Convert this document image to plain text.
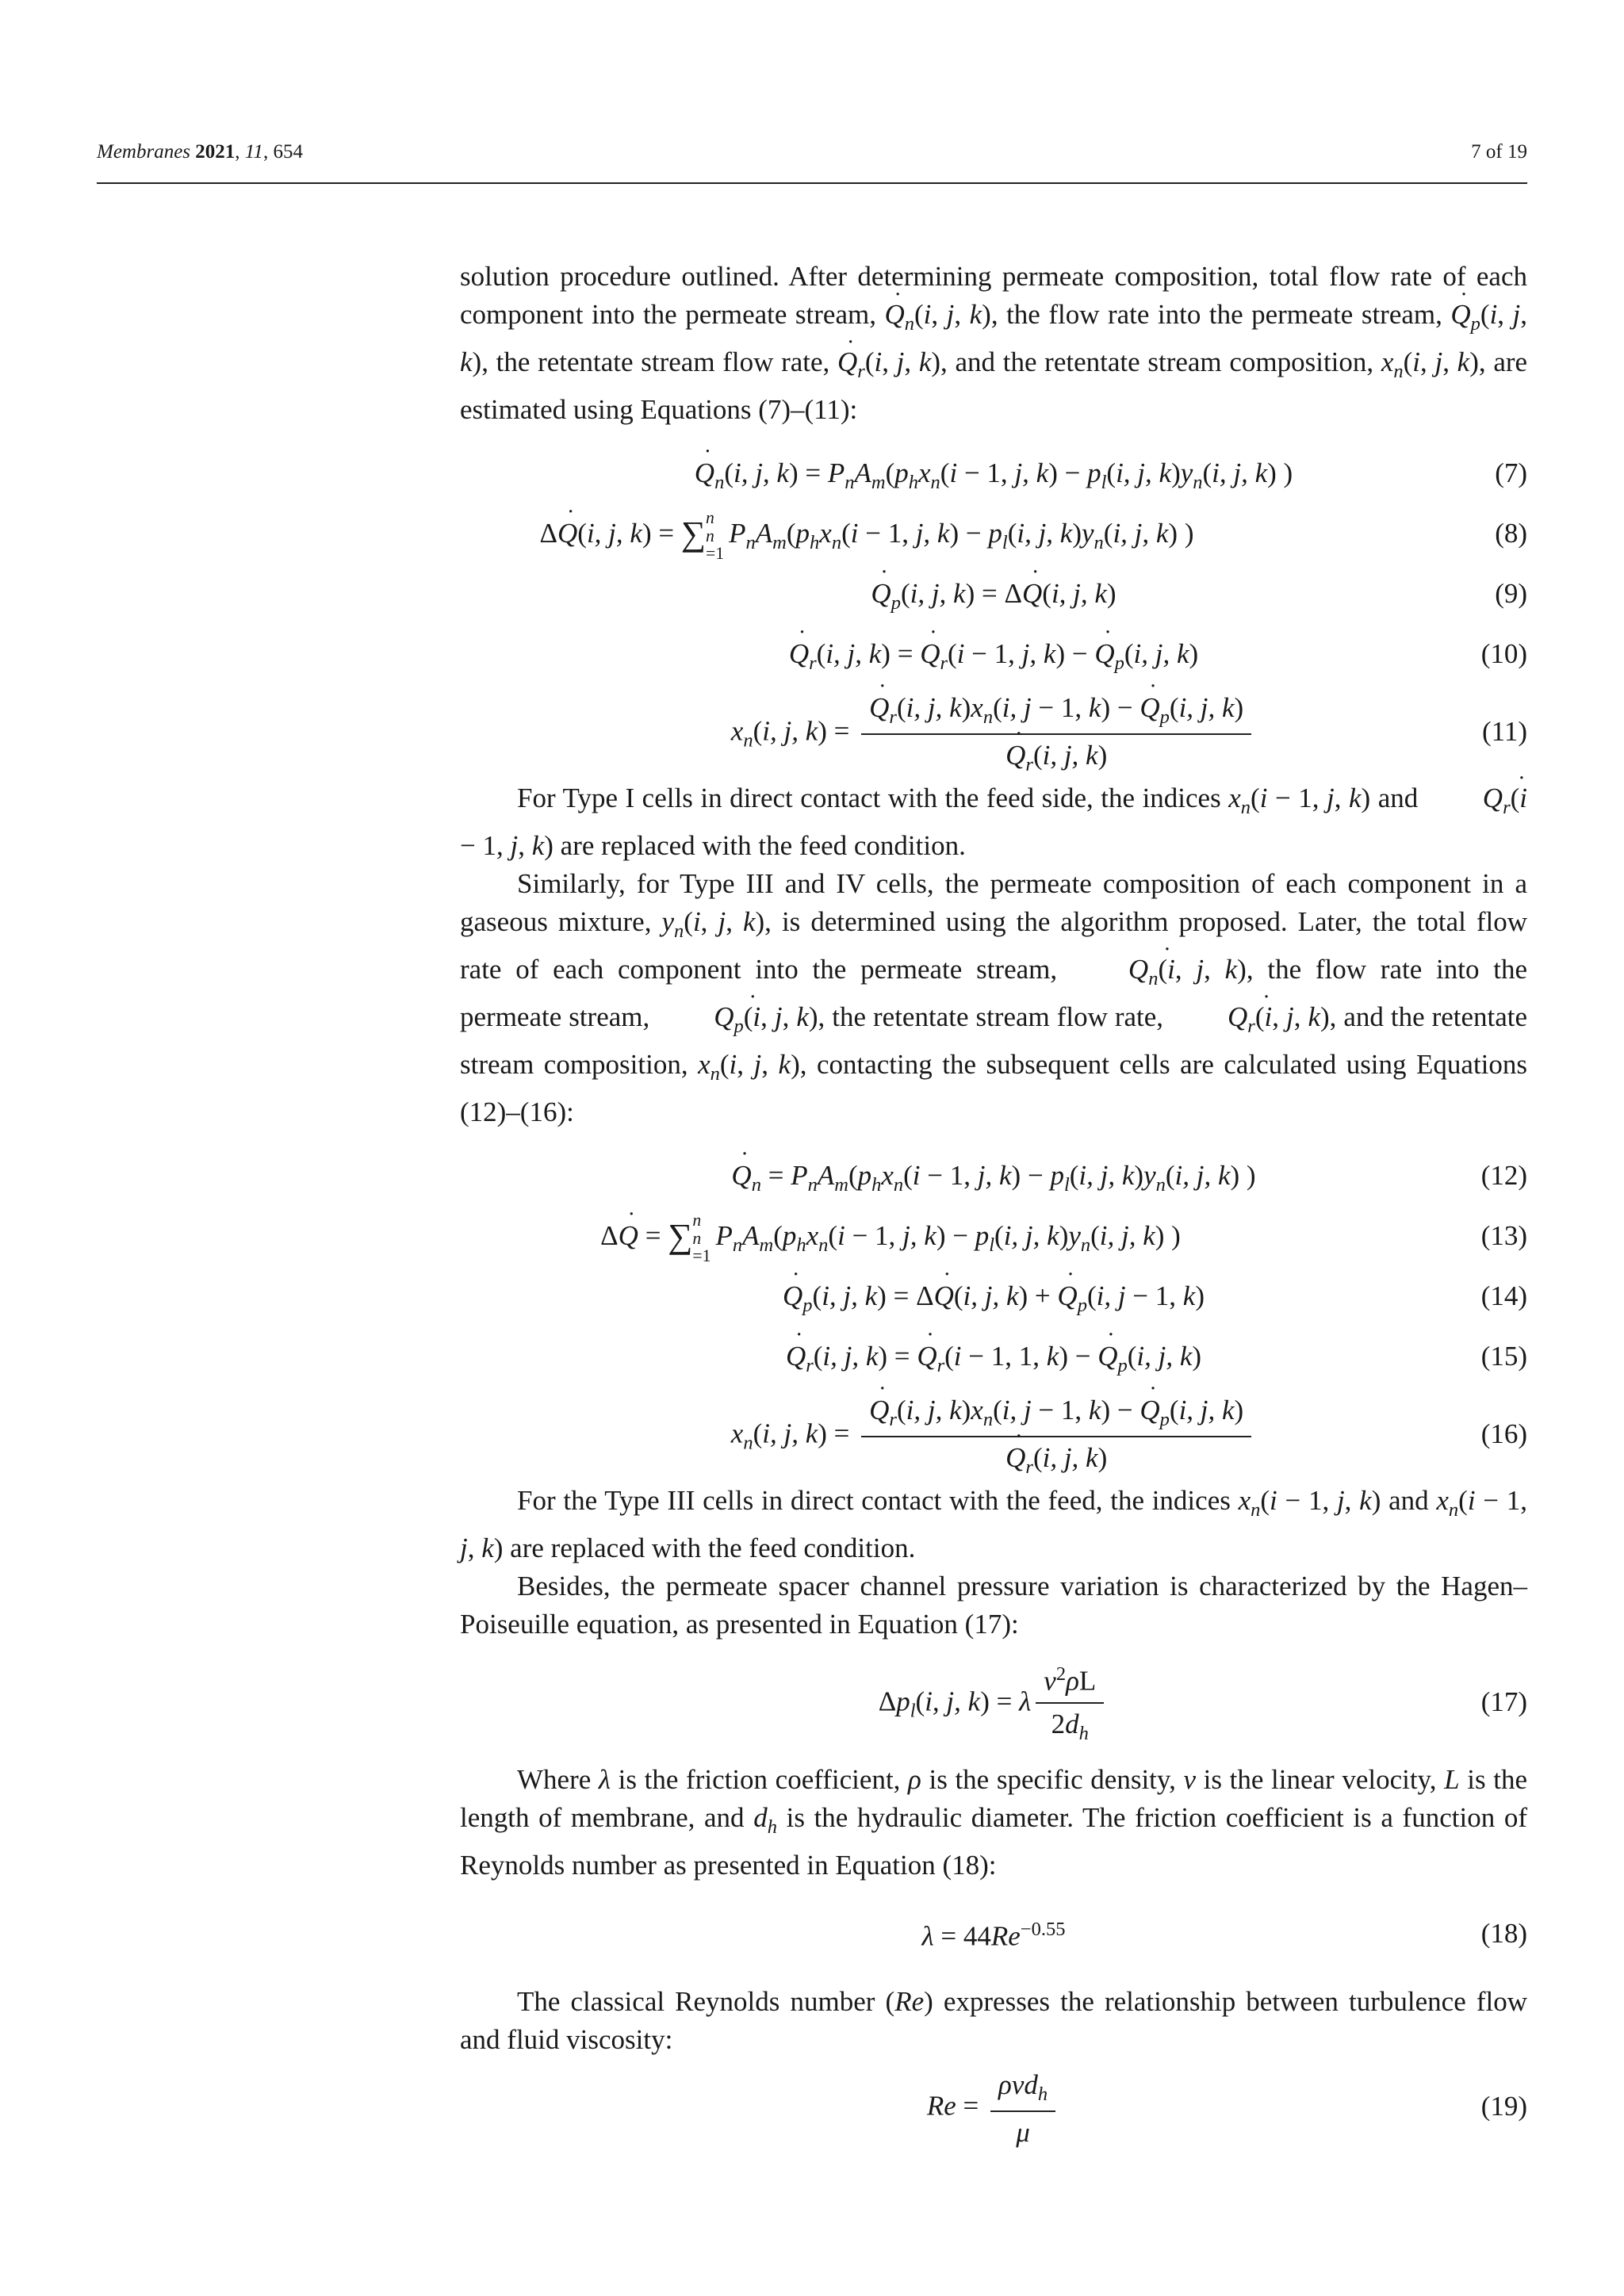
Membranes 2021, 11, 654	7 of 19

solution procedure outlined. After determining permeate composition, total flow rate of each component into the permeate stream, ˙ $Q_n(i$, j, k), the flow rate into the permeate stream, ˙ $Q_p(i$, j, k), the retentate stream flow rate, ˙ $Q_r(i$, j, k), and the retentate stream composition, $x_n(i$, j, k), are estimated using Equations (7)–(11):

˙ $Q_n(i$, j, $k) = P_nA_m(p_hx_n(i - 1$, j, $k) - p_l(i$, j, $k)y_n(i$, j, k) )	(7)
Δ˙ Q(i, j, k) = ∑ n
n
=1
$P_nA_m(p_hx_n(i - 1$, j, $k) - p_l(i$, j, $k)y_n(i$, j, k) )	(8)
˙ $Q_p(i$, j, k) = Δ˙ Q(i, j, k)	(9)
˙ $Q_r(i$, j, k) = ˙ $Q_r(i - 1$, j, k) − ˙ $Q_p(i$, j, k)	(10)
$x_n(i$, j, k) = ˙ $Q_r(i$, j, $k)x_n(i$, j − 1, k) − ˙ $Q_p(i$, j, k)
˙ $Q_r(i$, j, k)	(11)

For Type I cells in direct contact with the feed side, the indices $x_n(i - 1$, j, k) and ˙ $Q_r(i - 1$, j, k) are replaced with the feed condition.

Similarly, for Type III and IV cells, the permeate composition of each component in a gaseous mixture, $y_n(i$, j, k), is determined using the algorithm proposed. Later, the total flow rate of each component into the permeate stream, ˙ $Q_n(i$, j, k), the flow rate into the permeate stream, ˙ $Q_p(i$, j, k), the retentate stream flow rate, ˙ $Q_r(i$, j, k), and the retentate stream composition, $x_n(i$, j, k), contacting the subsequent cells are calculated using Equations (12)–(16):

˙ $Q_n = P_nA_m(p_hx_n(i - 1$, j, $k) - p_l(i$, j, $k)y_n(i$, j, k) )	(12)
Δ˙ Q = ∑ n
n
=1
$P_nA_m(p_hx_n(i - 1$, j, $k) - p_l(i$, j, $k)y_n(i$, j, k) )	(13)
˙ $Q_p(i$, j, k) = Δ˙ Q(i, j, k) + ˙ $Q_p(i$, j − 1, k)	(14)
˙ $Q_r(i$, j, k) = ˙ $Q_r(i - 1$, 1, k) − ˙ $Q_p(i$, j, k)	(15)
$x_n(i$, j, k) = ˙ $Q_r(i$, j, $k)x_n(i$, j − 1, k) − ˙ $Q_p(i$, j, k)
˙ $Q_r(i$, j, k)	(16)

For the Type III cells in direct contact with the feed, the indices $x_n(i - 1$, j, k) and $x_n(i - 1$, j, k) are replaced with the feed condition.

Besides, the permeate spacer channel pressure variation is characterized by the Hagen–Poiseuille equation, as presented in Equation (17):

$\Delta p_l(i$, j, k) = λ $\frac{v^2\rho L}{2d_h}$	(17)

Where λ is the friction coefficient, ρ is the specific density, v is the linear velocity, L is the length of membrane, and $d_h$ is the hydraulic diameter. The friction coefficient is a function of Reynolds number as presented in Equation (18):

$\lambda = 44Re^{-0.55}$	(18)

The classical Reynolds number (Re) expresses the relationship between turbulence flow and fluid viscosity:

$Re = \frac{\rho vd_h}{\mu}$	(19)
